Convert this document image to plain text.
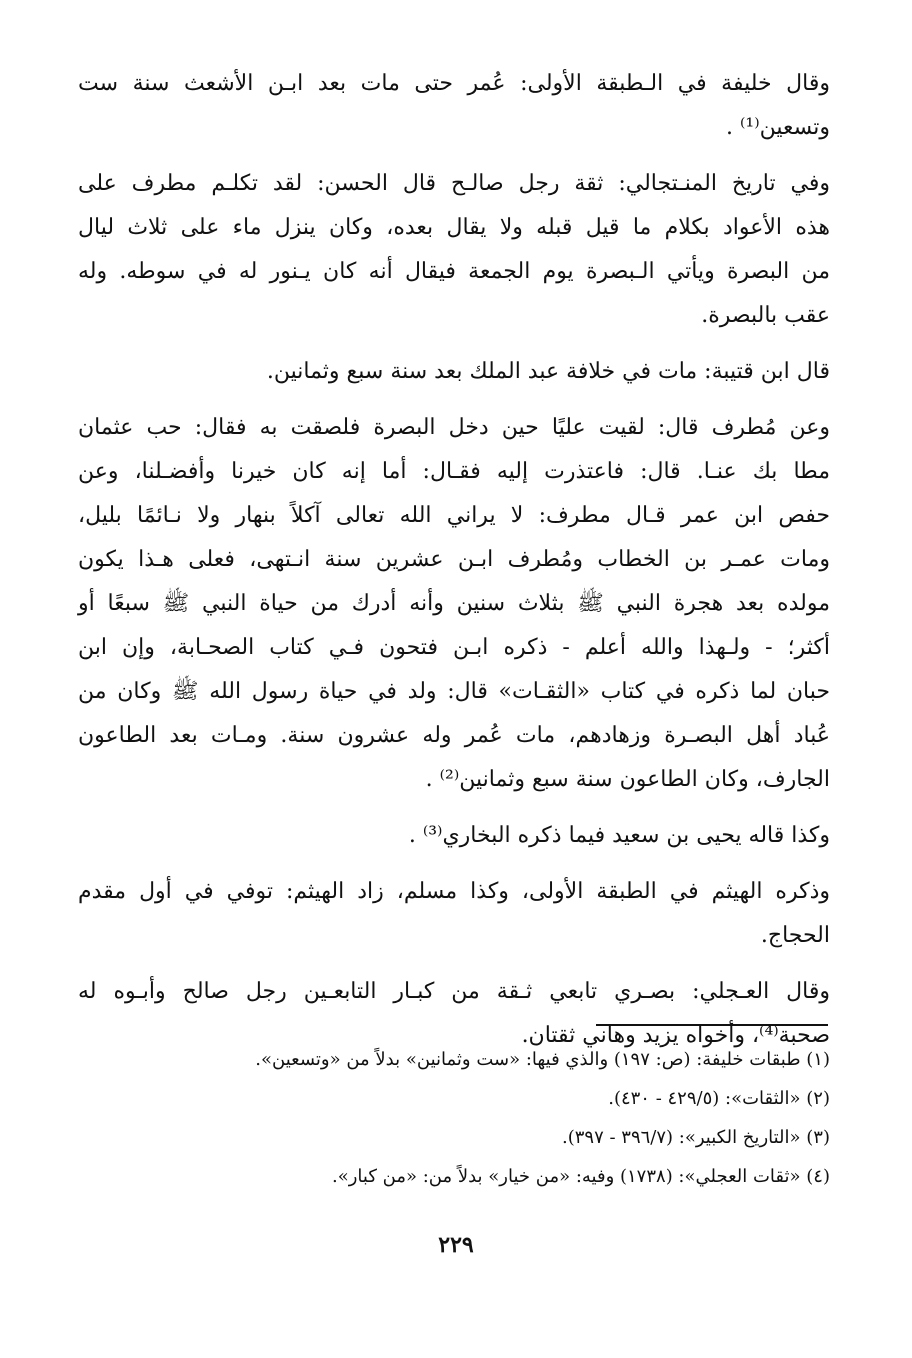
وقال خليفة في الـطبقة الأولى: عُمر حتى مات بعد ابـن الأشعث سنة ست
وتسعين⁽¹⁾ .
وفي تاريخ المنـتجالي: ثقة رجل صالـح قال الحسن: لقد تكلـم مطرف على
هذه الأعواد بكلام ما قيل قبله ولا يقال بعده، وكان ينزل ماء على ثلاث ليال
من البصرة ويأتي الـبصرة يوم الجمعة فيقال أنه كان يـنور له في سوطه. وله
عقب بالبصرة.
قال ابن قتيبة: مات في خلافة عبد الملك بعد سنة سبع وثمانين.
وعن مُطرف قال: لقيت عليًا حين دخل البصرة فلصقت به فقال: حب عثمان
مطا بك عنـا. قال: فاعتذرت إليه فقـال: أما إنه كان خيرنا وأفضـلنا، وعن
حفص ابن عمر قـال مطرف: لا يراني الله تعالى آكلاً بنهار ولا نـائمًا بليل،
ومات عمـر بن الخطاب ومُطرف ابـن عشرين سنة انـتهى، فعلى هـذا يكون
مولده بعد هجرة النبي ﷺ بثلاث سنين وأنه أدرك من حياة النبي ﷺ سبعًا أو
أكثر؛ - ولـهذا والله أعلم - ذكره ابـن فتحون فـي كتاب الصحـابة، وإن ابن
حبان لما ذكره في كتاب «الثقـات» قال: ولد في حياة رسول الله ﷺ وكان من
عُباد أهل البصـرة وزهادهم، مات عُمر وله عشرون سنة. ومـات بعد الطاعون
الجارف، وكان الطاعون سنة سبع وثمانين⁽²⁾ .
وكذا قاله يحيى بن سعيد فيما ذكره البخاري⁽³⁾ .
وذكره الهيثم في الطبقة الأولى، وكذا مسلم، زاد الهيثم: توفي في أول مقدم
الحجاج.
وقال العـجلي: بصـري تابعي ثـقة من كبـار التابعـين رجل صالح وأبـوه له
صحبة⁽⁴⁾، وأخواه يزيد وهاني ثقتان.
(١) طبقات خليفة: (ص: ١٩٧) والذي فيها: «ست وثمانين» بدلاً من «وتسعين».
(٢) «الثقات»: (٤٢٩/٥ - ٤٣٠).
(٣) «التاريخ الكبير»: (٣٩٦/٧ - ٣٩٧).
(٤) «ثقات العجلي»: (١٧٣٨) وفيه: «من خيار» بدلاً من: «من كبار».
٢٢٩
